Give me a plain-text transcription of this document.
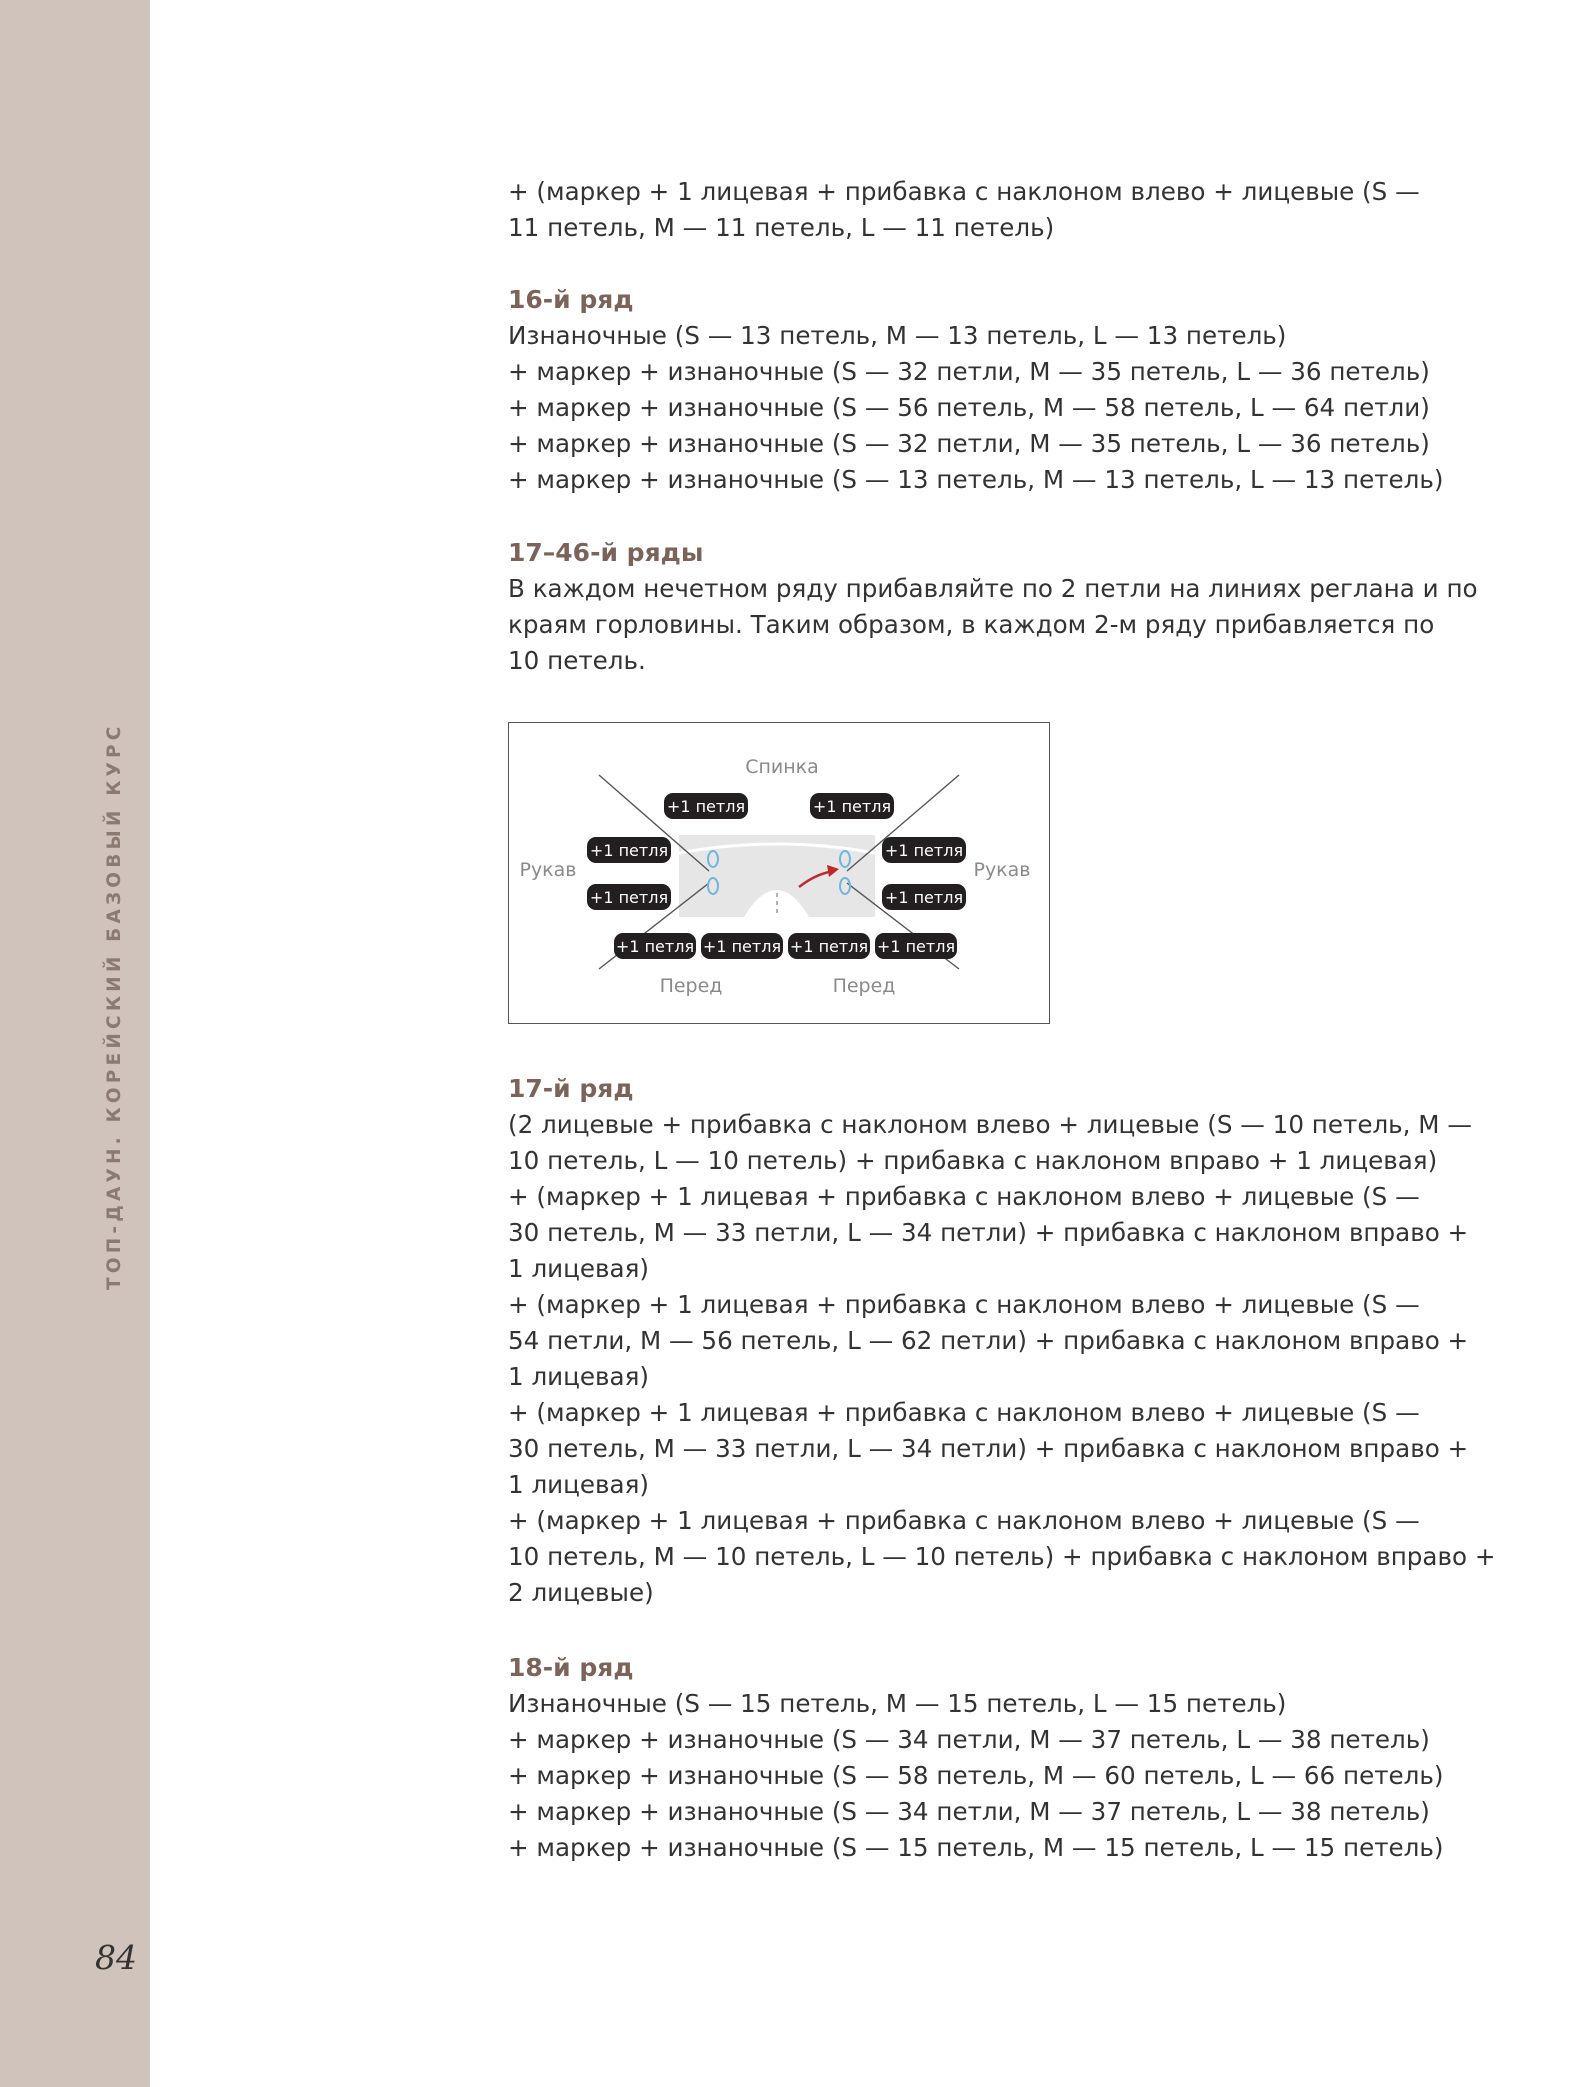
ТОП-ДАУН. КОРЕЙСКИЙ БАЗОВЫЙ КУРС
84

+ (маркер + 1 лицевая + прибавка с наклоном влево + лицевые (S —
11 петель, M — 11 петель, L — 11 петель)

16-й ряд

Изнаночные (S — 13 петель, M — 13 петель, L — 13 петель)
+ маркер + изнаночные (S — 32 петли, M — 35 петель, L — 36 петель)
+ маркер + изнаночные (S — 56 петель, M — 58 петель, L — 64 петли)
+ маркер + изнаночные (S — 32 петли, M — 35 петель, L — 36 петель)
+ маркер + изнаночные (S — 13 петель, M — 13 петель, L — 13 петель)

17–46-й ряды

В каждом нечетном ряду прибавляйте по 2 петли на линиях реглана и по
краям горловины. Таким образом, в каждом 2-м ряду прибавляется по
10 петель.

17-й ряд

(2 лицевые + прибавка с наклоном влево + лицевые (S — 10 петель, M —
10 петель, L — 10 петель) + прибавка с наклоном вправо + 1 лицевая)
+ (маркер + 1 лицевая + прибавка с наклоном влево + лицевые (S —
30 петель, M — 33 петли, L — 34 петли) + прибавка с наклоном вправо +
1 лицевая)
+ (маркер + 1 лицевая + прибавка с наклоном влево + лицевые (S —
54 петли, M — 56 петель, L — 62 петли) + прибавка с наклоном вправо +
1 лицевая)
+ (маркер + 1 лицевая + прибавка с наклоном влево + лицевые (S —
30 петель, M — 33 петли, L — 34 петли) + прибавка с наклоном вправо +
1 лицевая)
+ (маркер + 1 лицевая + прибавка с наклоном влево + лицевые (S —
10 петель, M — 10 петель, L — 10 петель) + прибавка с наклоном вправо +
2 лицевые)

18-й ряд

Изнаночные (S — 15 петель, M — 15 петель, L — 15 петель)
+ маркер + изнаночные (S — 34 петли, M — 37 петель, L — 38 петель)
+ маркер + изнаночные (S — 58 петель, M — 60 петель, L — 66 петель)
+ маркер + изнаночные (S — 34 петли, M — 37 петель, L — 38 петель)
+ маркер + изнаночные (S — 15 петель, M — 15 петель, L — 15 петель)

Спинка
Рукав	Рукав
Перед	Перед
+1 петля	+1 петля
+1 петля	+1 петля
+1 петля	+1 петля
+1 петля +1 петля +1 петля +1 петля
